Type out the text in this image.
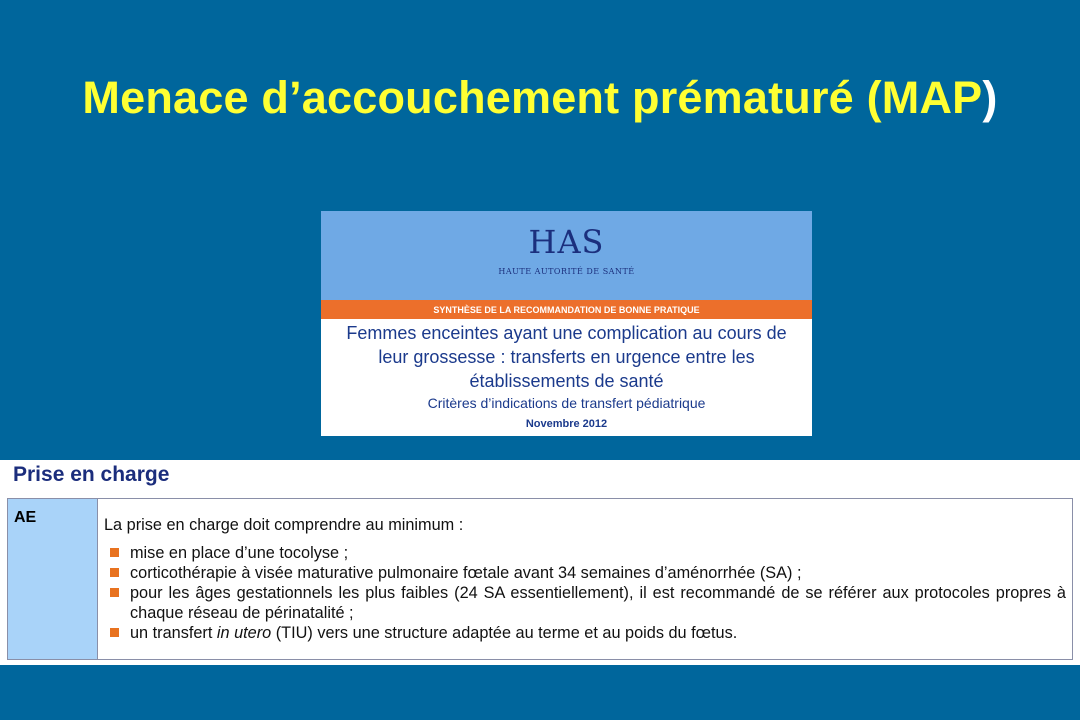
Menace d’accouchement prématuré (MAP)
HAS
HAUTE AUTORITÉ DE SANTÉ
SYNTHÈSE DE LA RECOMMANDATION DE BONNE PRATIQUE
Femmes enceintes ayant une complication au cours de
leur grossesse : transferts en urgence entre les
établissements de santé
Critères d’indications de transfert pédiatrique
Novembre 2012
Prise en charge
AE	La prise en charge doit comprendre au minimum :

mise en place d’une tocolyse ;
corticothérapie à visée maturative pulmonaire fœtale avant 34 semaines d’aménorrhée (SA) ;
pour les âges gestationnels les plus faibles (24 SA essentiellement), il est recommandé de se référer aux protocoles propres à chaque réseau de périnatalité ;
un transfert in utero (TIU) vers une structure adaptée au terme et au poids du fœtus.
